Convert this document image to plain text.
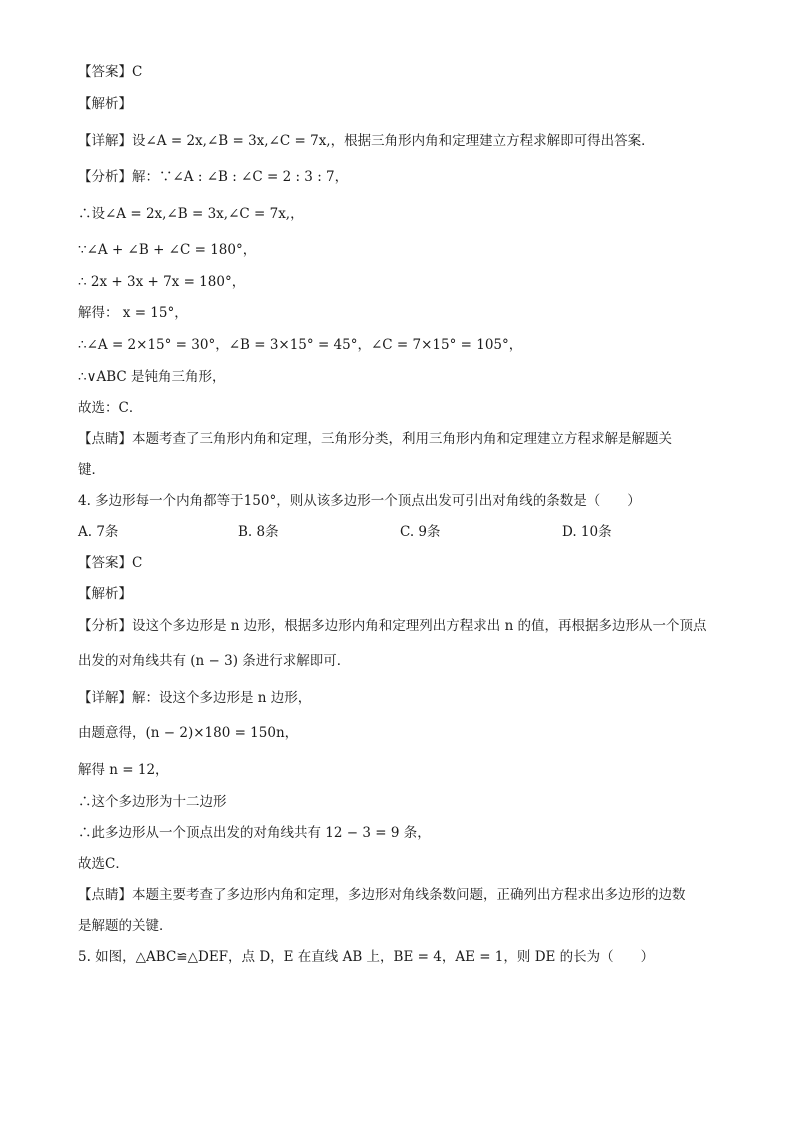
【答案】C
【解析】
【详解】设∠A = 2x,∠B = 3x,∠C = 7x,，根据三角形内角和定理建立方程求解即可得出答案．
【分析】解：∵∠A : ∠B : ∠C = 2 : 3 : 7，
∴设∠A = 2x,∠B = 3x,∠C = 7x,，
∵∠A + ∠B + ∠C = 180°，
∴ 2x + 3x + 7x = 180°，
解得： x = 15°，
∴∠A = 2×15° = 30°，∠B = 3×15° = 45°，∠C = 7×15° = 105°，
∴∨ABC 是钝角三角形，
故选：C．
【点睛】本题考查了三角形内角和定理，三角形分类，利用三角形内角和定理建立方程求解是解题关
键．
4. 多边形每一个内角都等于150°，则从该多边形一个顶点出发可引出对角线的条数是（　　）
A. 7条	B. 8条	C. 9条	D. 10条
【答案】C
【解析】
【分析】设这个多边形是 n 边形，根据多边形内角和定理列出方程求出 n 的值，再根据多边形从一个顶点
出发的对角线共有 (n − 3) 条进行求解即可．
【详解】解：设这个多边形是 n 边形，
由题意得，(n − 2)×180 = 150n，
解得 n = 12，
∴这个多边形为十二边形
∴此多边形从一个顶点出发的对角线共有 12 − 3 = 9 条，
故选C．
【点睛】本题主要考查了多边形内角和定理，多边形对角线条数问题，正确列出方程求出多边形的边数
是解题的关键．
5. 如图，△ABC≌△DEF，点 D，E 在直线 AB 上，BE = 4，AE = 1，则 DE 的长为（　　）
